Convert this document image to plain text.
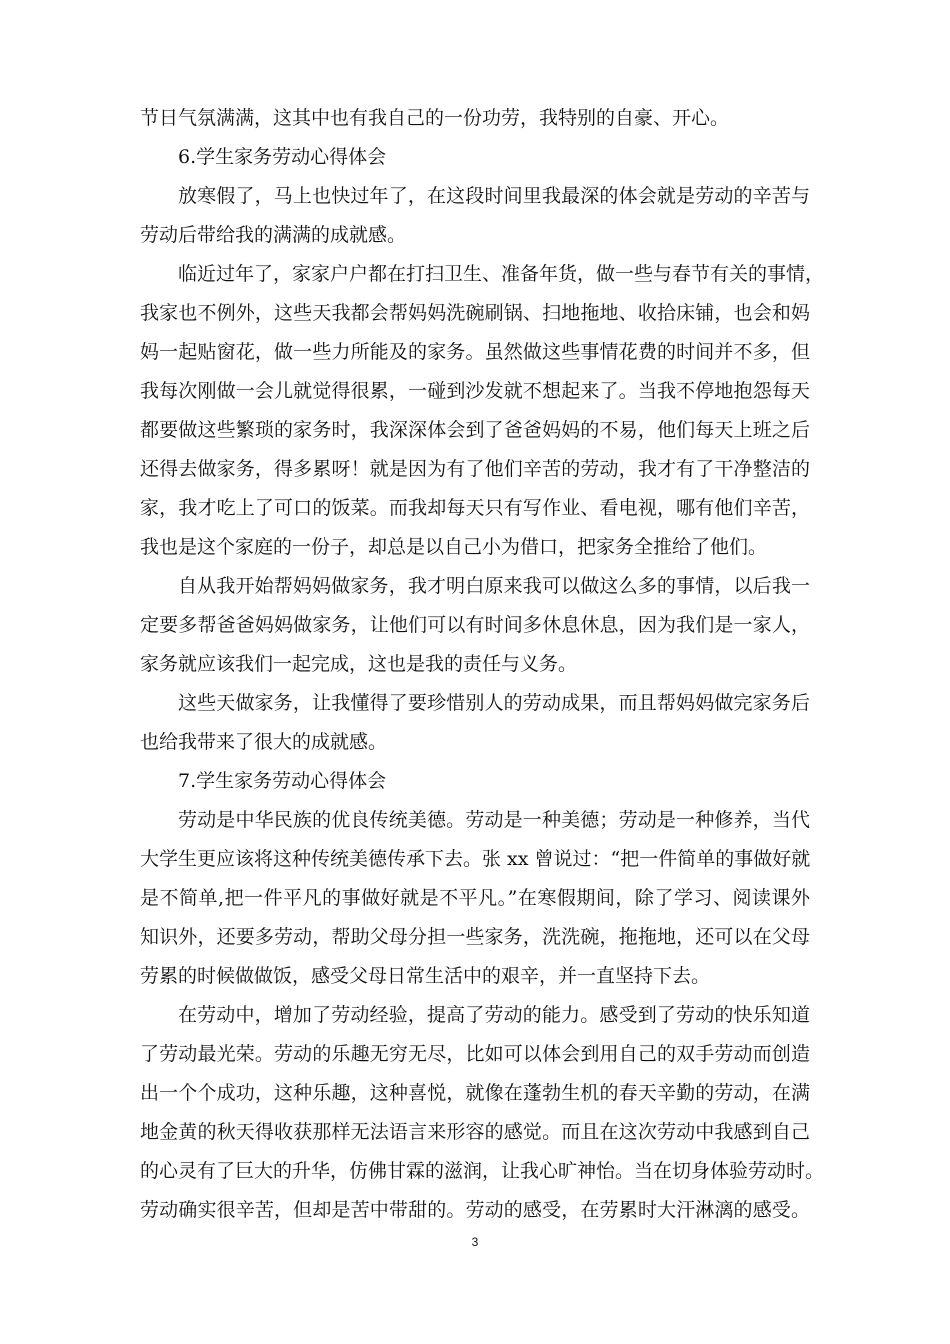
节日气氛满满，这其中也有我自己的一份功劳，我特别的自豪、开心。
6.学生家务劳动心得体会
放寒假了，马上也快过年了，在这段时间里我最深的体会就是劳动的辛苦与
劳动后带给我的满满的成就感。
临近过年了，家家户户都在打扫卫生、准备年货，做一些与春节有关的事情，
我家也不例外，这些天我都会帮妈妈洗碗刷锅、扫地拖地、收拾床铺，也会和妈
妈一起贴窗花，做一些力所能及的家务。虽然做这些事情花费的时间并不多，但
我每次刚做一会儿就觉得很累，一碰到沙发就不想起来了。当我不停地抱怨每天
都要做这些繁琐的家务时，我深深体会到了爸爸妈妈的不易，他们每天上班之后
还得去做家务，得多累呀！就是因为有了他们辛苦的劳动，我才有了干净整洁的
家，我才吃上了可口的饭菜。而我却每天只有写作业、看电视，哪有他们辛苦，
我也是这个家庭的一份子，却总是以自己小为借口，把家务全推给了他们。
自从我开始帮妈妈做家务，我才明白原来我可以做这么多的事情，以后我一
定要多帮爸爸妈妈做家务，让他们可以有时间多休息休息，因为我们是一家人，
家务就应该我们一起完成，这也是我的责任与义务。
这些天做家务，让我懂得了要珍惜别人的劳动成果，而且帮妈妈做完家务后
也给我带来了很大的成就感。
7.学生家务劳动心得体会
劳动是中华民族的优良传统美德。劳动是一种美德；劳动是一种修养，当代
大学生更应该将这种传统美德传承下去。张 xx 曾说过：“把一件简单的事做好就
是不简单,把一件平凡的事做好就是不平凡。”在寒假期间，除了学习、阅读课外
知识外，还要多劳动，帮助父母分担一些家务，洗洗碗，拖拖地，还可以在父母
劳累的时候做做饭，感受父母日常生活中的艰辛，并一直坚持下去。
在劳动中，增加了劳动经验，提高了劳动的能力。感受到了劳动的快乐知道
了劳动最光荣。劳动的乐趣无穷无尽，比如可以体会到用自己的双手劳动而创造
出一个个成功，这种乐趣，这种喜悦，就像在蓬勃生机的春天辛勤的劳动，在满
地金黄的秋天得收获那样无法语言来形容的感觉。而且在这次劳动中我感到自己
的心灵有了巨大的升华，仿佛甘霖的滋润，让我心旷神怡。当在切身体验劳动时。
劳动确实很辛苦，但却是苦中带甜的。劳动的感受，在劳累时大汗淋漓的感受。
3
